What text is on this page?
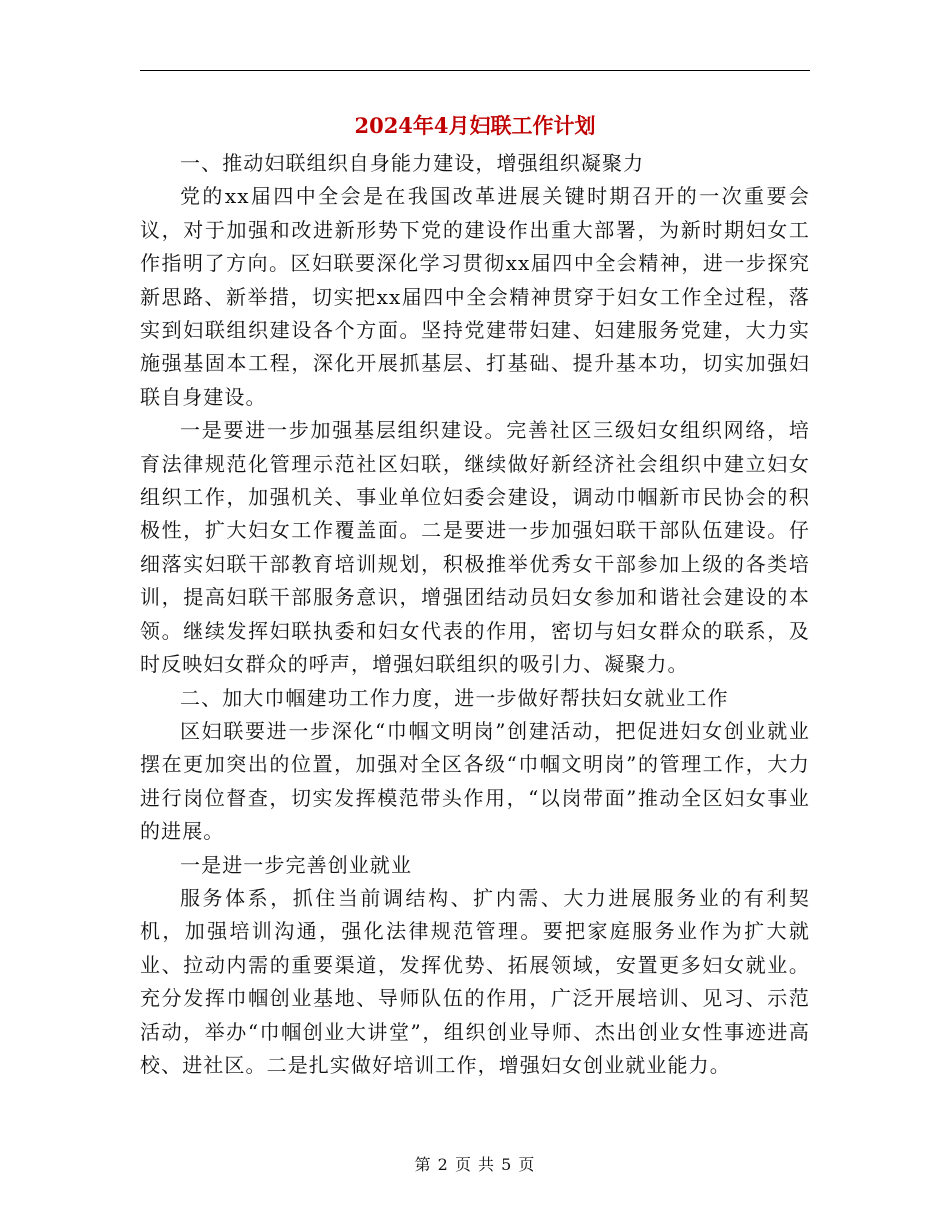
2024年4月妇联工作计划

一、推动妇联组织自身能力建设，增强组织凝聚力

党的xx届四中全会是在我国改革进展关键时期召开的一次重要会议，对于加强和改进新形势下党的建设作出重大部署，为新时期妇女工作指明了方向。区妇联要深化学习贯彻xx届四中全会精神，进一步探究新思路、新举措，切实把xx届四中全会精神贯穿于妇女工作全过程，落实到妇联组织建设各个方面。坚持党建带妇建、妇建服务党建，大力实施强基固本工程，深化开展抓基层、打基础、提升基本功，切实加强妇联自身建设。

一是要进一步加强基层组织建设。完善社区三级妇女组织网络，培育法律规范化管理示范社区妇联，继续做好新经济社会组织中建立妇女组织工作，加强机关、事业单位妇委会建设，调动巾帼新市民协会的积极性，扩大妇女工作覆盖面。二是要进一步加强妇联干部队伍建设。仔细落实妇联干部教育培训规划，积极推举优秀女干部参加上级的各类培训，提高妇联干部服务意识，增强团结动员妇女参加和谐社会建设的本领。继续发挥妇联执委和妇女代表的作用，密切与妇女群众的联系，及时反映妇女群众的呼声，增强妇联组织的吸引力、凝聚力。

二、加大巾帼建功工作力度，进一步做好帮扶妇女就业工作

区妇联要进一步深化“巾帼文明岗”创建活动，把促进妇女创业就业摆在更加突出的位置，加强对全区各级“巾帼文明岗”的管理工作，大力进行岗位督查，切实发挥模范带头作用，“以岗带面”推动全区妇女事业的进展。

一是进一步完善创业就业

服务体系，抓住当前调结构、扩内需、大力进展服务业的有利契机，加强培训沟通，强化法律规范管理。要把家庭服务业作为扩大就业、拉动内需的重要渠道，发挥优势、拓展领域，安置更多妇女就业。充分发挥巾帼创业基地、导师队伍的作用，广泛开展培训、见习、示范活动，举办“巾帼创业大讲堂”，组织创业导师、杰出创业女性事迹进高校、进社区。二是扎实做好培训工作，增强妇女创业就业能力。

第 2 页 共 5 页
